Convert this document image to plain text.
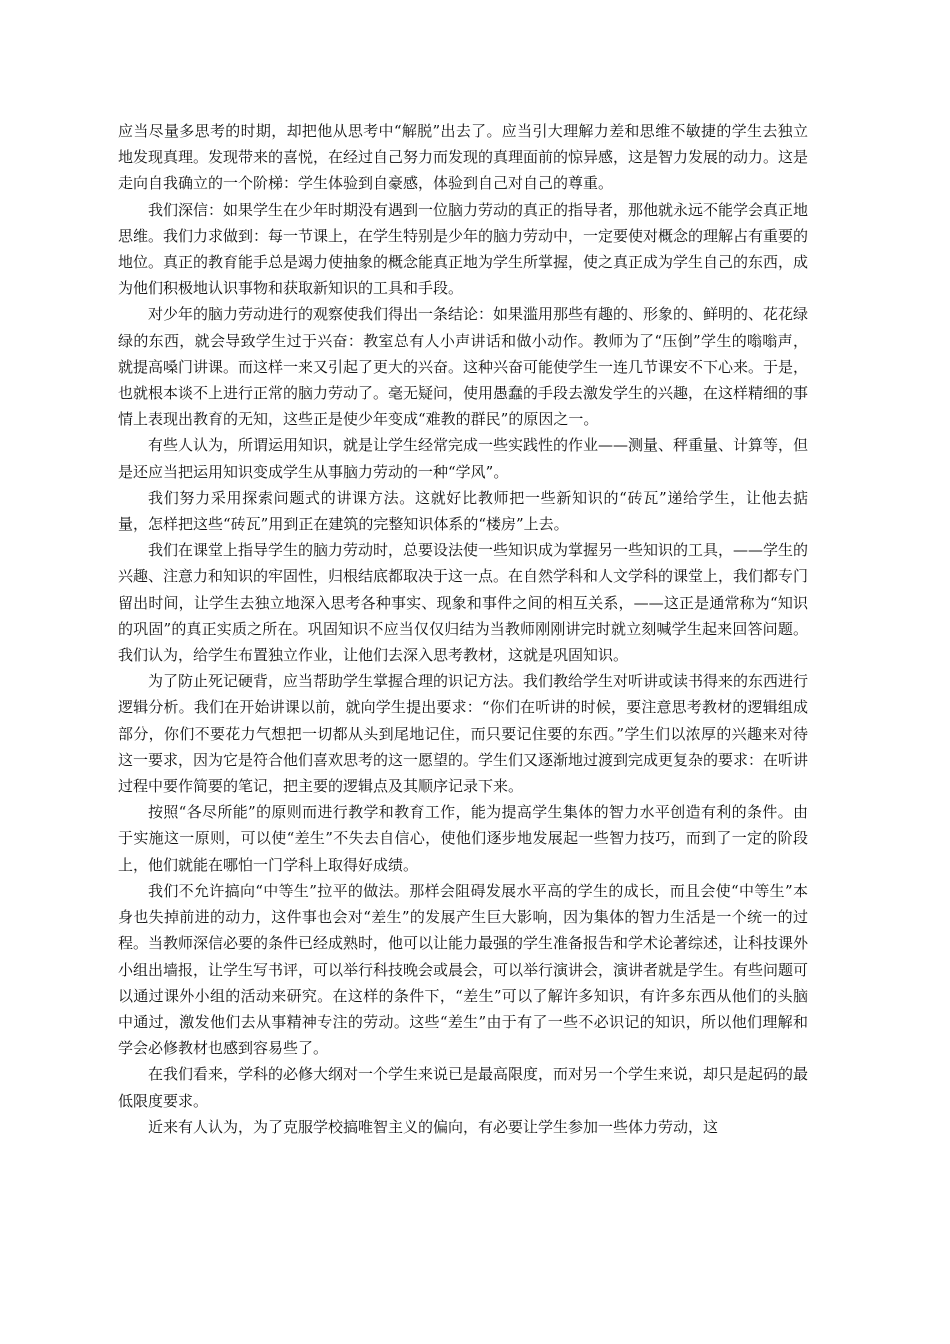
应当尽量多思考的时期，却把他从思考中“解脱”出去了。应当引大理解力差和思维不敏捷的学生去独立地发现真理。发现带来的喜悦，在经过自己努力而发现的真理面前的惊异感，这是智力发展的动力。这是走向自我确立的一个阶梯：学生体验到自豪感，体验到自己对自己的尊重。

我们深信：如果学生在少年时期没有遇到一位脑力劳动的真正的指导者，那他就永远不能学会真正地思维。我们力求做到：每一节课上，在学生特别是少年的脑力劳动中，一定要使对概念的理解占有重要的地位。真正的教育能手总是竭力使抽象的概念能真正地为学生所掌握，使之真正成为学生自己的东西，成为他们积极地认识事物和获取新知识的工具和手段。

对少年的脑力劳动进行的观察使我们得出一条结论：如果滥用那些有趣的、形象的、鲜明的、花花绿绿的东西，就会导致学生过于兴奋：教室总有人小声讲话和做小动作。教师为了“压倒”学生的嗡嗡声，就提高嗓门讲课。而这样一来又引起了更大的兴奋。这种兴奋可能使学生一连几节课安不下心来。于是，也就根本谈不上进行正常的脑力劳动了。毫无疑问，使用愚蠢的手段去激发学生的兴趣，在这样精细的事情上表现出教育的无知，这些正是使少年变成“难教的群民”的原因之一。

有些人认为，所谓运用知识，就是让学生经常完成一些实践性的作业——测量、秤重量、计算等，但是还应当把运用知识变成学生从事脑力劳动的一种“学风”。

我们努力采用探索问题式的讲课方法。这就好比教师把一些新知识的“砖瓦”递给学生，让他去掂量，怎样把这些“砖瓦”用到正在建筑的完整知识体系的“楼房”上去。

我们在课堂上指导学生的脑力劳动时，总要设法使一些知识成为掌握另一些知识的工具，——学生的兴趣、注意力和知识的牢固性，归根结底都取决于这一点。在自然学科和人文学科的课堂上，我们都专门留出时间，让学生去独立地深入思考各种事实、现象和事件之间的相互关系，——这正是通常称为“知识的巩固”的真正实质之所在。巩固知识不应当仅仅归结为当教师刚刚讲完时就立刻喊学生起来回答问题。我们认为，给学生布置独立作业，让他们去深入思考教材，这就是巩固知识。

为了防止死记硬背，应当帮助学生掌握合理的识记方法。我们教给学生对听讲或读书得来的东西进行逻辑分析。我们在开始讲课以前，就向学生提出要求：“你们在听讲的时候，要注意思考教材的逻辑组成部分，你们不要花力气想把一切都从头到尾地记住，而只要记住要的东西。”学生们以浓厚的兴趣来对待这一要求，因为它是符合他们喜欢思考的这一愿望的。学生们又逐渐地过渡到完成更复杂的要求：在听讲过程中要作简要的笔记，把主要的逻辑点及其顺序记录下来。

按照“各尽所能”的原则而进行教学和教育工作，能为提高学生集体的智力水平创造有利的条件。由于实施这一原则，可以使“差生”不失去自信心，使他们逐步地发展起一些智力技巧，而到了一定的阶段上，他们就能在哪怕一门学科上取得好成绩。

我们不允许搞向“中等生”拉平的做法。那样会阻碍发展水平高的学生的成长，而且会使“中等生”本身也失掉前进的动力，这件事也会对“差生”的发展产生巨大影响，因为集体的智力生活是一个统一的过程。当教师深信必要的条件已经成熟时，他可以让能力最强的学生准备报告和学术论著综述，让科技课外小组出墙报，让学生写书评，可以举行科技晚会或晨会，可以举行演讲会，演讲者就是学生。有些问题可以通过课外小组的活动来研究。在这样的条件下，“差生”可以了解许多知识，有许多东西从他们的头脑中通过，激发他们去从事精神专注的劳动。这些“差生”由于有了一些不必识记的知识，所以他们理解和学会必修教材也感到容易些了。

在我们看来，学科的必修大纲对一个学生来说已是最高限度，而对另一个学生来说，却只是起码的最低限度要求。

近来有人认为，为了克服学校搞唯智主义的偏向，有必要让学生参加一些体力劳动，这
